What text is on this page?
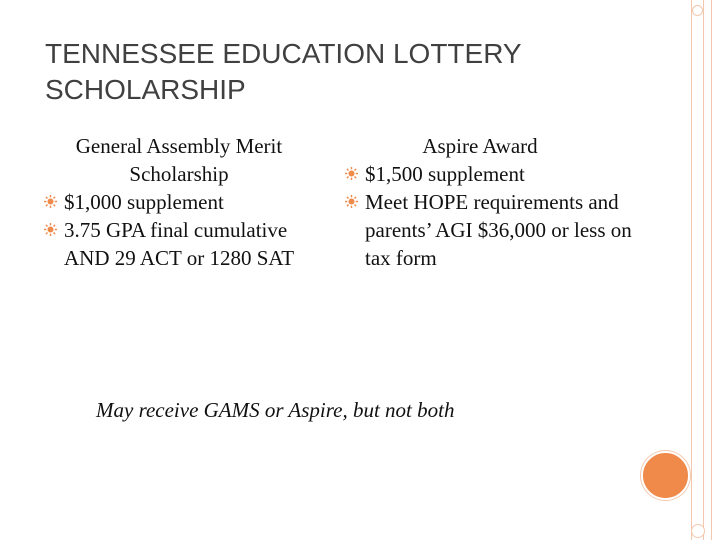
TENNESSEE EDUCATION LOTTERY SCHOLARSHIP
General Assembly Merit Scholarship
$1,000 supplement
3.75 GPA final cumulative AND 29 ACT or 1280 SAT
Aspire Award
$1,500 supplement
Meet HOPE requirements and parents’ AGI $36,000 or less on tax form
May receive GAMS or Aspire, but not both
